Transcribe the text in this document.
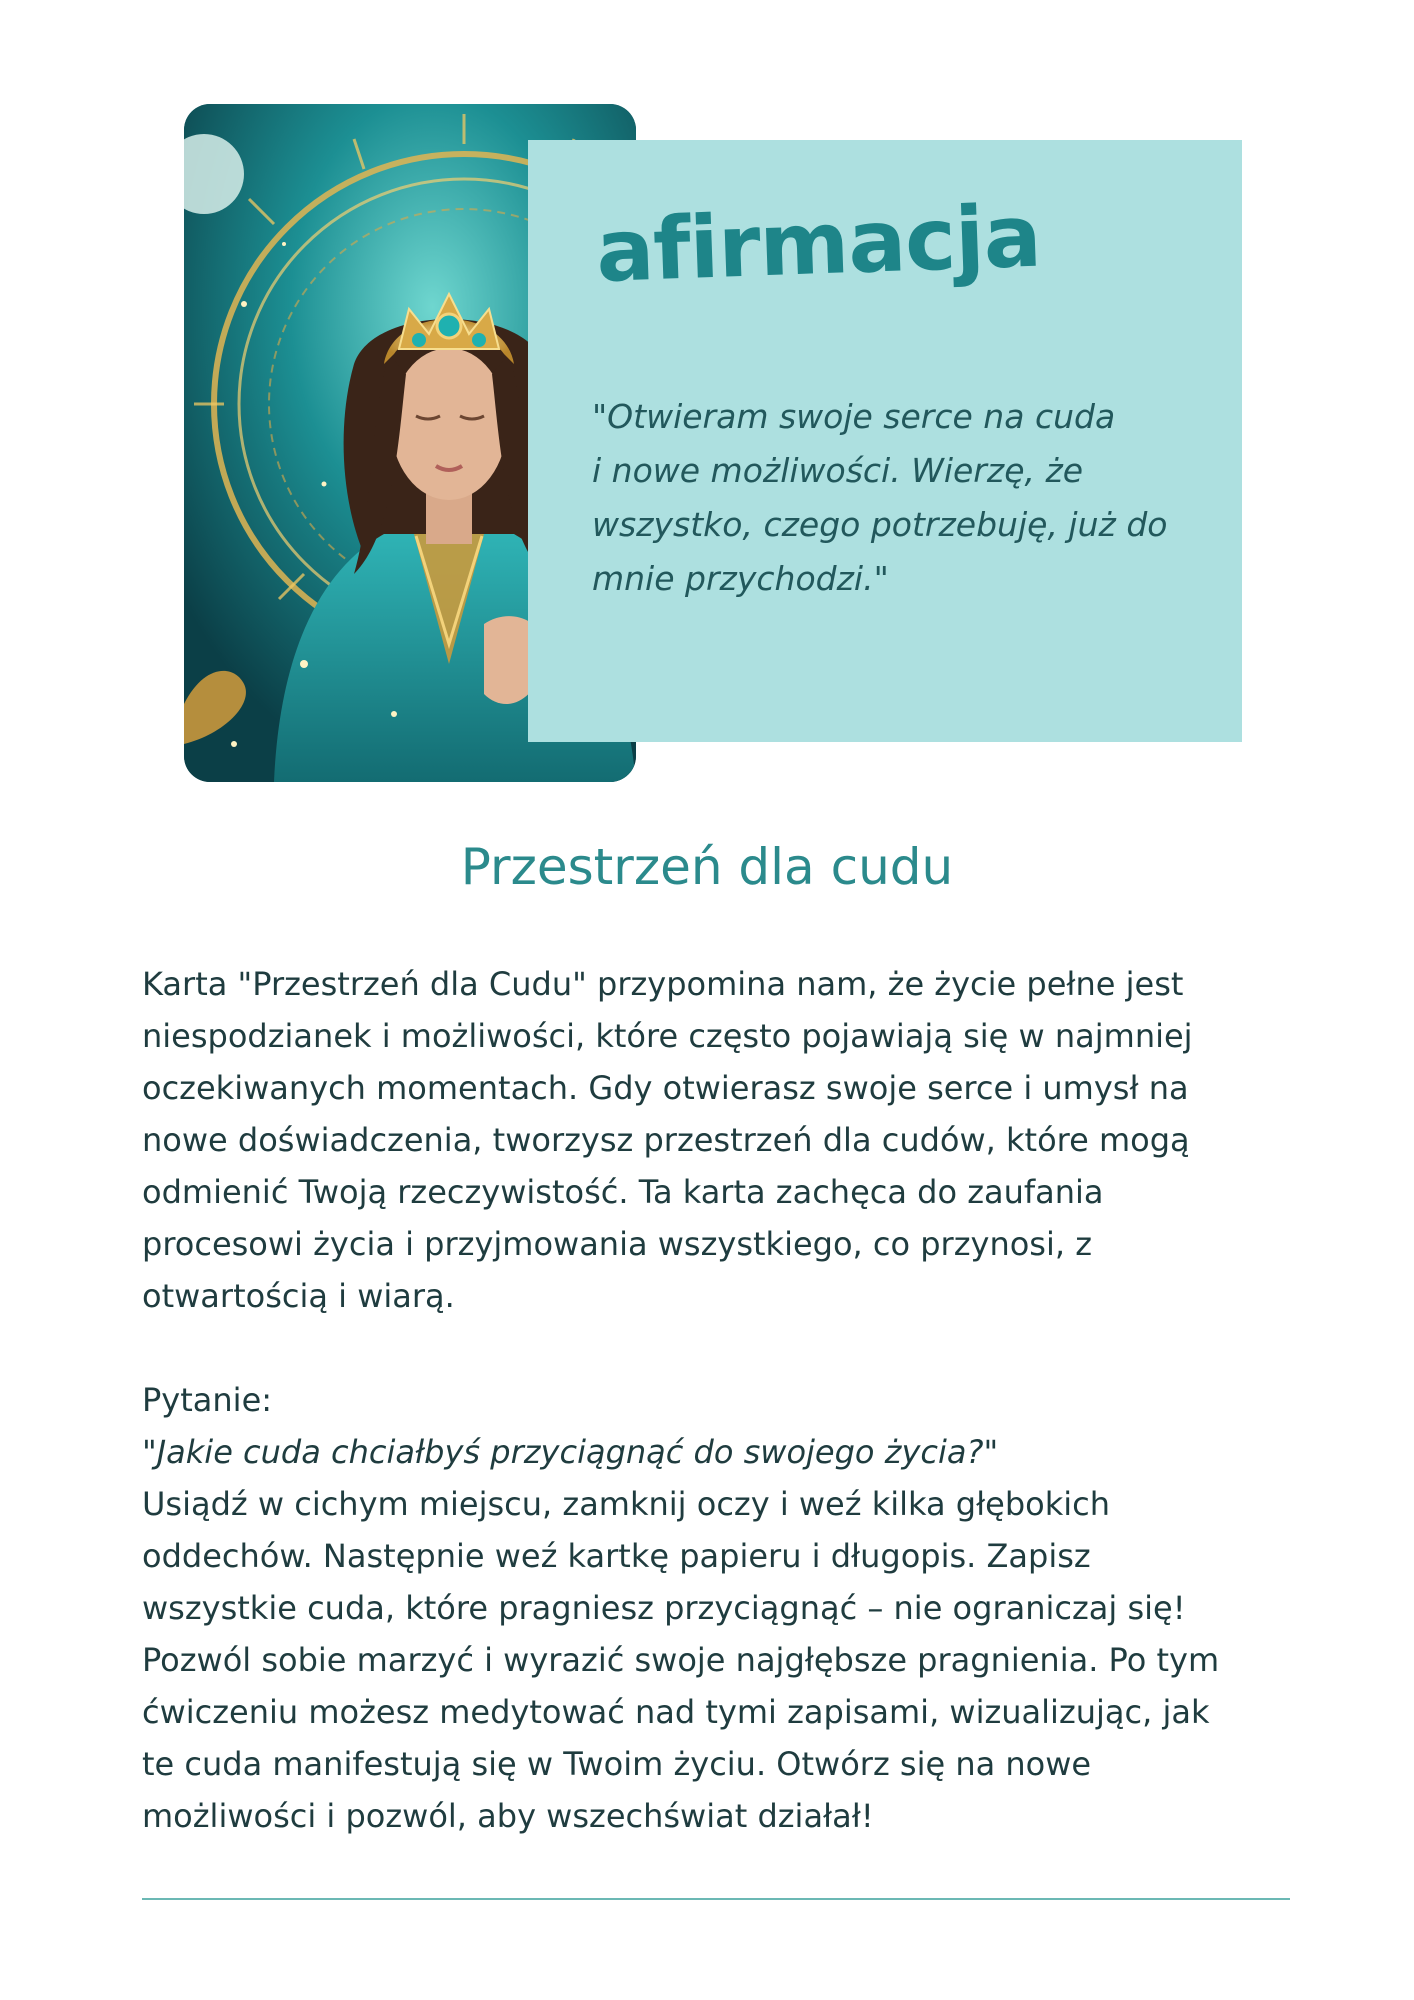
afirmacja

"Otwieram swoje serce na cuda
i nowe możliwości. Wierzę, że
wszystko, czego potrzebuję, już do
mnie przychodzi."

Przestrzeń dla cudu
Karta "Przestrzeń dla Cudu" przypomina nam, że życie pełne jest
niespodzianek i możliwości, które często pojawiają się w najmniej
oczekiwanych momentach. Gdy otwierasz swoje serce i umysł na
nowe doświadczenia, tworzysz przestrzeń dla cudów, które mogą
odmienić Twoją rzeczywistość. Ta karta zachęca do zaufania
procesowi życia i przyjmowania wszystkiego, co przynosi, z
otwartością i wiarą.
Pytanie:
"Jakie cuda chciałbyś przyciągnąć do swojego życia?"
Usiądź w cichym miejscu, zamknij oczy i weź kilka głębokich
oddechów. Następnie weź kartkę papieru i długopis. Zapisz
wszystkie cuda, które pragniesz przyciągnąć – nie ograniczaj się!
Pozwól sobie marzyć i wyrazić swoje najgłębsze pragnienia. Po tym
ćwiczeniu możesz medytować nad tymi zapisami, wizualizując, jak
te cuda manifestują się w Twoim życiu. Otwórz się na nowe
możliwości i pozwól, aby wszechświat działał!
